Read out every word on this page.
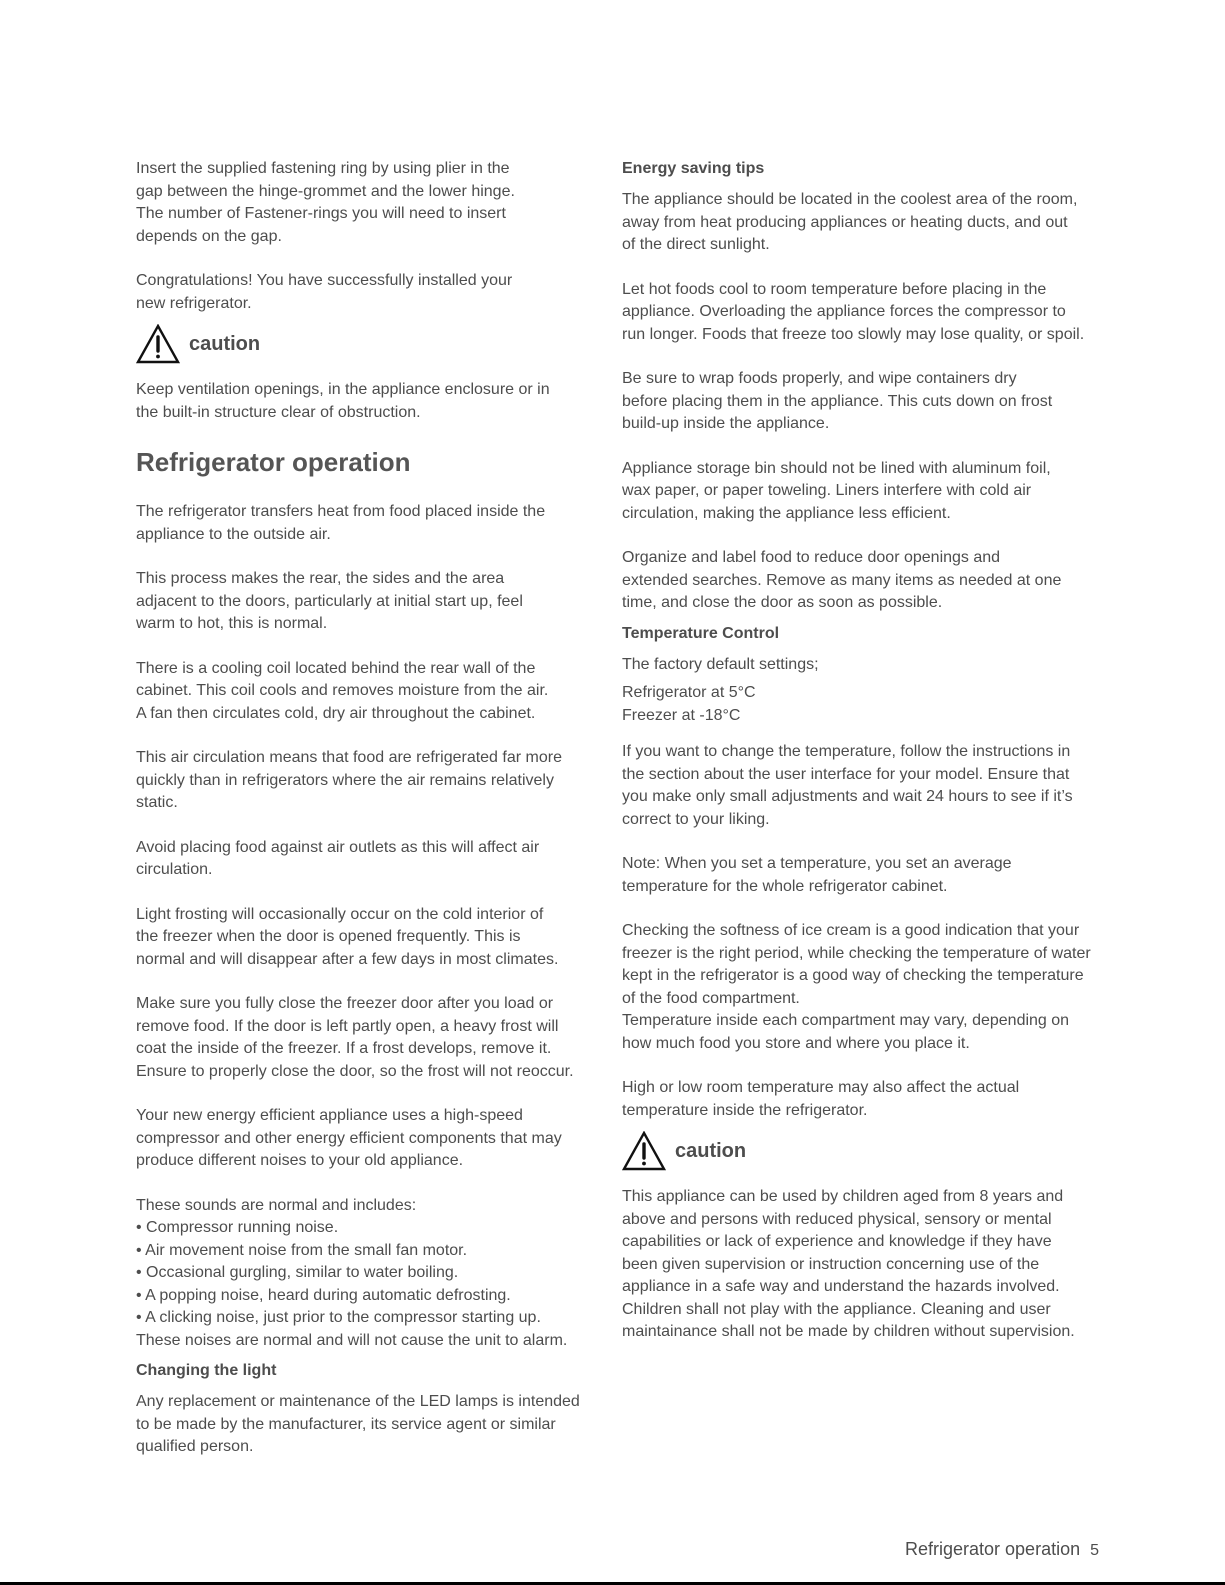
Insert the supplied fastening ring by using plier in the
gap between the hinge-grommet and the lower hinge.
The number of Fastener-rings you will need to insert
depends on the gap.

Congratulations! You have successfully installed your
new refrigerator.

caution

Keep ventilation openings, in the appliance enclosure or in
the built-in structure clear of obstruction.

Refrigerator operation

The refrigerator transfers heat from food placed inside the
appliance to the outside air.

This process makes the rear, the sides and the area
adjacent to the doors, particularly at initial start up, feel
warm to hot, this is normal.

There is a cooling coil located behind the rear wall of the
cabinet. This coil cools and removes moisture from the air.
A fan then circulates cold, dry air throughout the cabinet.

This air circulation means that food are refrigerated far more
quickly than in refrigerators where the air remains relatively
static.

Avoid placing food against air outlets as this will affect air
circulation.

Light frosting will occasionally occur on the cold interior of
the freezer when the door is opened frequently. This is
normal and will disappear after a few days in most climates.

Make sure you fully close the freezer door after you load or
remove food. If the door is left partly open, a heavy frost will
coat the inside of the freezer. If a frost develops, remove it.
Ensure to properly close the door, so the frost will not reoccur.

Your new energy efficient appliance uses a high-speed
compressor and other energy efficient components that may
produce different noises to your old appliance.

These sounds are normal and includes:
• Compressor running noise.
• Air movement noise from the small fan motor.
• Occasional gurgling, similar to water boiling.
• A popping noise, heard during automatic defrosting.
• A clicking noise, just prior to the compressor starting up.
These noises are normal and will not cause the unit to alarm.

Changing the light

Any replacement or maintenance of the LED lamps is intended
to be made by the manufacturer, its service agent or similar
qualified person.

Energy saving tips

The appliance should be located in the coolest area of the room,
away from heat producing appliances or heating ducts, and out
of the direct sunlight.

Let hot foods cool to room temperature before placing in the
appliance. Overloading the appliance forces the compressor to
run longer. Foods that freeze too slowly may lose quality, or spoil.

Be sure to wrap foods properly, and wipe containers dry
before placing them in the appliance. This cuts down on frost
build-up inside the appliance.

Appliance storage bin should not be lined with aluminum foil,
wax paper, or paper toweling. Liners interfere with cold air
circulation, making the appliance less efficient.

Organize and label food to reduce door openings and
extended searches. Remove as many items as needed at one
time, and close the door as soon as possible.

Temperature Control

The factory default settings;

Refrigerator at 5°C
Freezer at -18°C

If you want to change the temperature, follow the instructions in
the section about the user interface for your model. Ensure that
you make only small adjustments and wait 24 hours to see if it’s
correct to your liking.

Note: When you set a temperature, you set an average
temperature for the whole refrigerator cabinet.

Checking the softness of ice cream is a good indication that your
freezer is the right period, while checking the temperature of water
kept in the refrigerator is a good way of checking the temperature
of the food compartment.
Temperature inside each compartment may vary, depending on
how much food you store and where you place it.

High or low room temperature may also affect the actual
temperature inside the refrigerator.

caution

This appliance can be used by children aged from 8 years and
above and persons with reduced physical, sensory or mental
capabilities or lack of experience and knowledge if they have
been given supervision or instruction concerning use of the
appliance in a safe way and understand the hazards involved.
Children shall not play with the appliance. Cleaning and user
maintainance shall not be made by children without supervision.

Refrigerator operation 5
